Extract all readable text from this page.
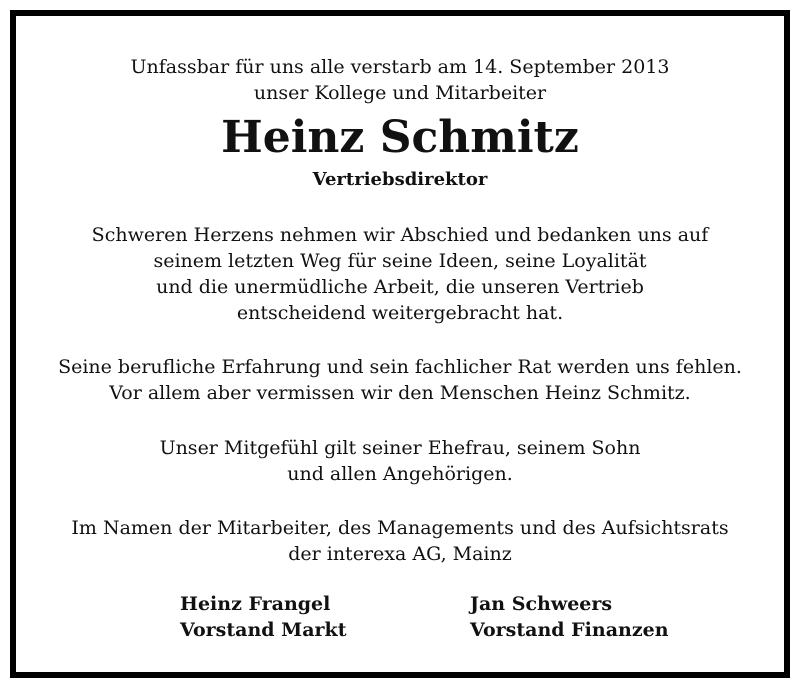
Unfassbar für uns alle verstarb am 14. September 2013
unser Kollege und Mitarbeiter
Heinz Schmitz
Vertriebsdirektor
Schweren Herzens nehmen wir Abschied und bedanken uns auf
seinem letzten Weg für seine Ideen, seine Loyalität
und die unermüdliche Arbeit, die unseren Vertrieb
entscheidend weitergebracht hat.
Seine berufliche Erfahrung und sein fachlicher Rat werden uns fehlen.
Vor allem aber vermissen wir den Menschen Heinz Schmitz.
Unser Mitgefühl gilt seiner Ehefrau, seinem Sohn
und allen Angehörigen.
Im Namen der Mitarbeiter, des Managements und des Aufsichtsrats
der interexa AG, Mainz
Heinz Frangel
Vorstand Markt
Jan Schweers
Vorstand Finanzen
